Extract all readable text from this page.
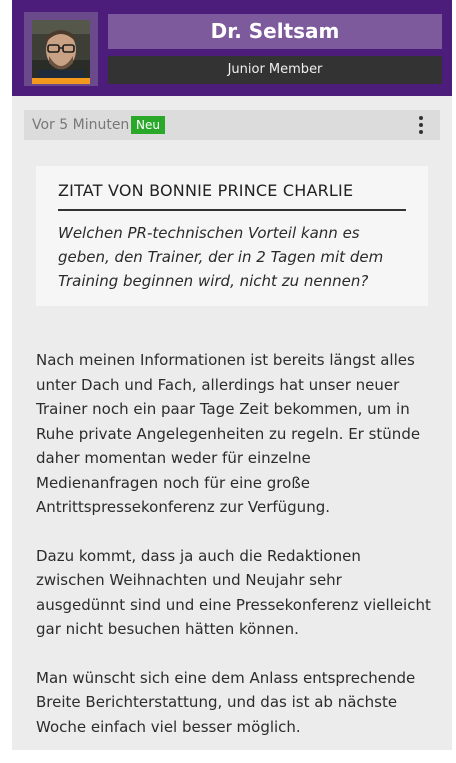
Dr. Seltsam
Junior Member
Vor 5 Minuten Neu
ZITAT VON BONNIE PRINCE CHARLIE
Welchen PR-technischen Vorteil kann es geben, den Trainer, der in 2 Tagen mit dem Training beginnen wird, nicht zu nennen?

Nach meinen Informationen ist bereits längst alles unter Dach und Fach, allerdings hat unser neuer Trainer noch ein paar Tage Zeit bekommen, um in Ruhe private Angelegenheiten zu regeln. Er stünde daher momentan weder für einzelne Medienanfragen noch für eine große Antrittspressekonferenz zur Verfügung.

Dazu kommt, dass ja auch die Redaktionen zwischen Weihnachten und Neujahr sehr ausgedünnt sind und eine Pressekonferenz vielleicht gar nicht besuchen hätten können.

Man wünscht sich eine dem Anlass entsprechende Breite Berichterstattung, und das ist ab nächste Woche einfach viel besser möglich.
